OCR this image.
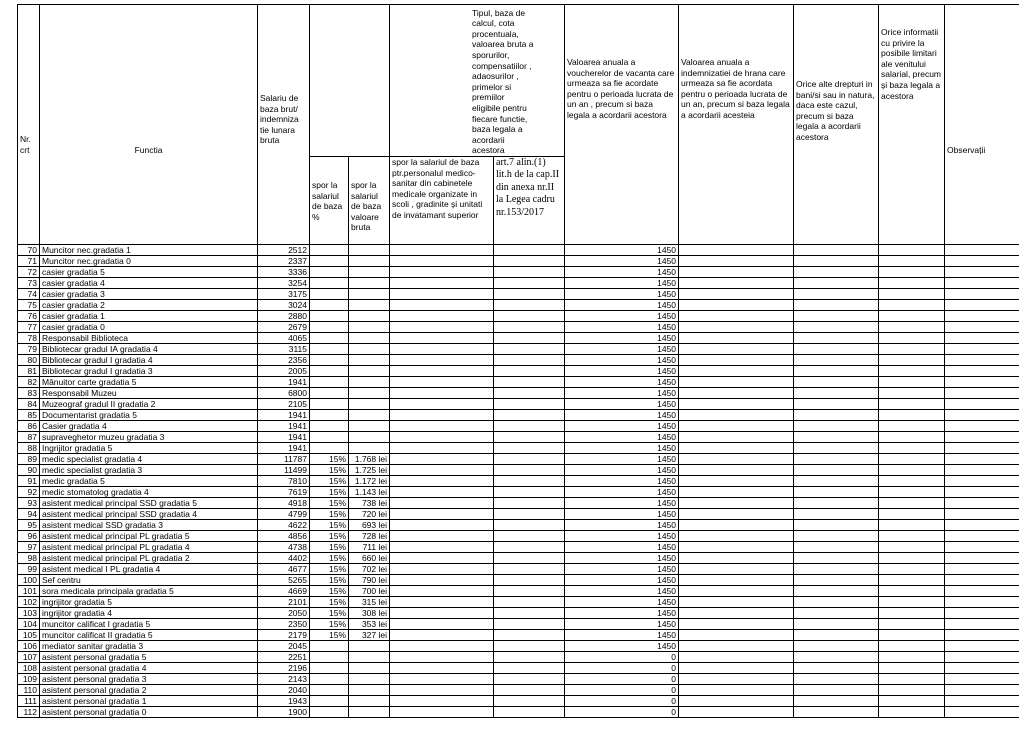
Nr.
crt	Functia	Salariu de baza brut/ indemniza tie lunara bruta			Tipul, baza de calcul, cota procentuala, valoarea bruta a sporurilor, compensatiilor , adaosurilor , primelor si premiilor eligibile pentru fiecare functie, baza legala a acordarii acestora		Valoarea anuala a voucherelor de vacanta care urmeaza sa fie acordate pentru o perioada lucrata de un an , precum si baza legala a acordarii acestora	Valoarea anuala a indemnizatiei de hrana care urmeaza sa fie acordata pentru o perioada lucrata de un an, precum si baza legala a acordarii acesteia	Orice alte drepturi in bani/si sau in natura, daca este cazul, precum si baza legala a acordarii acestora	Orice informatii cu privire la posibile limitari ale venitului salarial, precum și baza legala a acestora	Observații
			spor la salariul de baza %	spor la salariul de baza valoare bruta	spor la salariul de baza ptr.personalul medico-sanitar din cabinetele medicale organizate in scoli , gradinite și unitati de invatamant superior	art.7 alin.(1) lit.h de la cap.II din anexa nr.II la Legea cadru nr.153/2017					
70	Muncitor nec.gradatia 1	2512					1450				
71	Muncitor nec.gradatia 0	2337					1450				
72	casier gradatia 5	3336					1450				
73	casier gradatia 4	3254					1450				
74	casier gradatia 3	3175					1450				
75	casier gradatia 2	3024					1450				
76	casier gradatia 1	2880					1450				
77	casier gradatia 0	2679					1450				
78	Responsabil Biblioteca	4065					1450				
79	Bibliotecar gradul IA gradatia 4	3115					1450				
80	Bibliotecar gradul I gradatia 4	2356					1450				
81	Bibliotecar gradul I gradatia 3	2005					1450				
82	Mânuitor carte gradatia 5	1941					1450				
83	Responsabil Muzeu	6800					1450				
84	Muzeograf gradul II gradatia 2	2105					1450				
85	Documentarist gradatia 5	1941					1450				
86	Casier gradatia 4	1941					1450				
87	supraveghetor muzeu gradatia 3	1941					1450				
88	Ingrijitor gradatia 5	1941					1450				
89	medic specialist gradatia 4	11787	15%	1.768 lei			1450				
90	medic specialist gradatia 3	11499	15%	1.725 lei			1450				
91	medic gradatia 5	7810	15%	1.172 lei			1450				
92	medic stomatolog gradatia 4	7619	15%	1.143 lei			1450				
93	asistent medical principal SSD gradatia 5	4918	15%	738 lei			1450				
94	asistent medical principal SSD gradatia 4	4799	15%	720 lei			1450				
95	asistent medical SSD gradatia 3	4622	15%	693 lei			1450				
96	asistent medical principal PL gradatia 5	4856	15%	728 lei			1450				
97	asistent medical principal PL gradatia 4	4738	15%	711 lei			1450				
98	asistent medical principal PL gradatia 2	4402	15%	660 lei			1450				
99	asistent medical I PL gradatia 4	4677	15%	702 lei			1450				
100	Sef centru	5265	15%	790 lei			1450				
101	sora medicala principala gradatia 5	4669	15%	700 lei			1450				
102	ingrijitor gradatia 5	2101	15%	315 lei			1450				
103	ingrijitor gradatia 4	2050	15%	308 lei			1450				
104	muncitor calificat I gradatia 5	2350	15%	353 lei			1450				
105	muncitor calificat II gradatia 5	2179	15%	327 lei			1450				
106	mediator sanitar gradatia 3	2045					1450				
107	asistent personal gradatia 5	2251					0				
108	asistent personal gradatia 4	2196					0				
109	asistent personal gradatia 3	2143					0				
110	asistent personal gradatia 2	2040					0				
111	asistent personal gradatia 1	1943					0				
112	asistent personal gradatia 0	1900					0				
